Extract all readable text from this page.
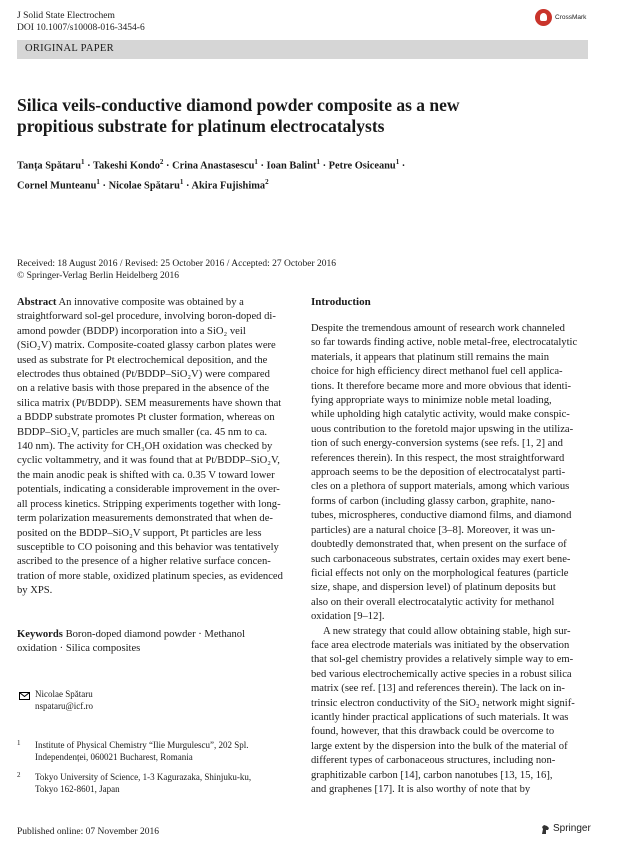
J Solid State Electrochem
DOI 10.1007/s10008-016-3454-6
CrossMark
ORIGINAL PAPER
Silica veils-conductive diamond powder composite as a new
propitious substrate for platinum electrocatalysts
Tanța Spătaru$^1$ · Takeshi Kondo$^2$ · Crina Anastasescu$^1$ · Ioan Balint$^1$ · Petre Osiceanu$^1$ ·
Cornel Munteanu$^1$ · Nicolae Spătaru$^1$ · Akira Fujishima$^2$
Received: 18 August 2016 / Revised: 25 October 2016 / Accepted: 27 October 2016
© Springer-Verlag Berlin Heidelberg 2016
Abstract An innovative composite was obtained by a
straightforward sol-gel procedure, involving boron-doped di-
amond powder (BDDP) incorporation into a SiO₂ veil
(SiO₂V) matrix. Composite-coated glassy carbon plates were
used as substrate for Pt electrochemical deposition, and the
electrodes thus obtained (Pt/BDDP–SiO₂V) were compared
on a relative basis with those prepared in the absence of the
silica matrix (Pt/BDDP). SEM measurements have shown that
a BDDP substrate promotes Pt cluster formation, whereas on
BDDP–SiO₂V, particles are much smaller (ca. 45 nm to ca.
140 nm). The activity for CH₃OH oxidation was checked by
cyclic voltammetry, and it was found that at Pt/BDDP–SiO₂V,
the main anodic peak is shifted with ca. 0.35 V toward lower
potentials, indicating a considerable improvement in the over-
all process kinetics. Stripping experiments together with long-
term polarization measurements demonstrated that when de-
posited on the BDDP–SiO₂V support, Pt particles are less
susceptible to CO poisoning and this behavior was tentatively
ascribed to the presence of a higher relative surface concen-
tration of more stable, oxidized platinum species, as evidenced
by XPS.
Keywords Boron-doped diamond powder · Methanol
oxidation · Silica composites
Nicolae Spătaru
nspataru@icf.ro
1 Institute of Physical Chemistry “Ilie Murgulescu”, 202 Spl.
Independenței, 060021 Bucharest, Romania
2 Tokyo University of Science, 1-3 Kagurazaka, Shinjuku-ku,
Tokyo 162-8601, Japan
Introduction
Despite the tremendous amount of research work channeled
so far towards finding active, noble metal-free, electrocatalytic
materials, it appears that platinum still remains the main
choice for high efficiency direct methanol fuel cell applica-
tions. It therefore became more and more obvious that identi-
fying appropriate ways to minimize noble metal loading,
while upholding high catalytic activity, would make conspic-
uous contribution to the foretold major upswing in the utiliza-
tion of such energy-conversion systems (see refs. [1, 2] and
references therein). In this respect, the most straightforward
approach seems to be the deposition of electrocatalyst parti-
cles on a plethora of support materials, among which various
forms of carbon (including glassy carbon, graphite, nano-
tubes, microspheres, conductive diamond films, and diamond
particles) are a natural choice [3–8]. Moreover, it was un-
doubtedly demonstrated that, when present on the surface of
such carbonaceous substrates, certain oxides may exert bene-
ficial effects not only on the morphological features (particle
size, shape, and dispersion level) of platinum deposits but
also on their overall electrocatalytic activity for methanol
oxidation [9–12].
A new strategy that could allow obtaining stable, high sur-
face area electrode materials was initiated by the observation
that sol-gel chemistry provides a relatively simple way to em-
bed various electrochemically active species in a robust silica
matrix (see ref. [13] and references therein). The lack on in-
trinsic electron conductivity of the SiO₂ network might signif-
icantly hinder practical applications of such materials. It was
found, however, that this drawback could be overcome to
large extent by the dispersion into the bulk of the material of
different types of carbonaceous structures, including non-
graphitizable carbon [14], carbon nanotubes [13, 15, 16],
and graphenes [17]. It is also worthy of note that by
Published online: 07 November 2016	Springer
